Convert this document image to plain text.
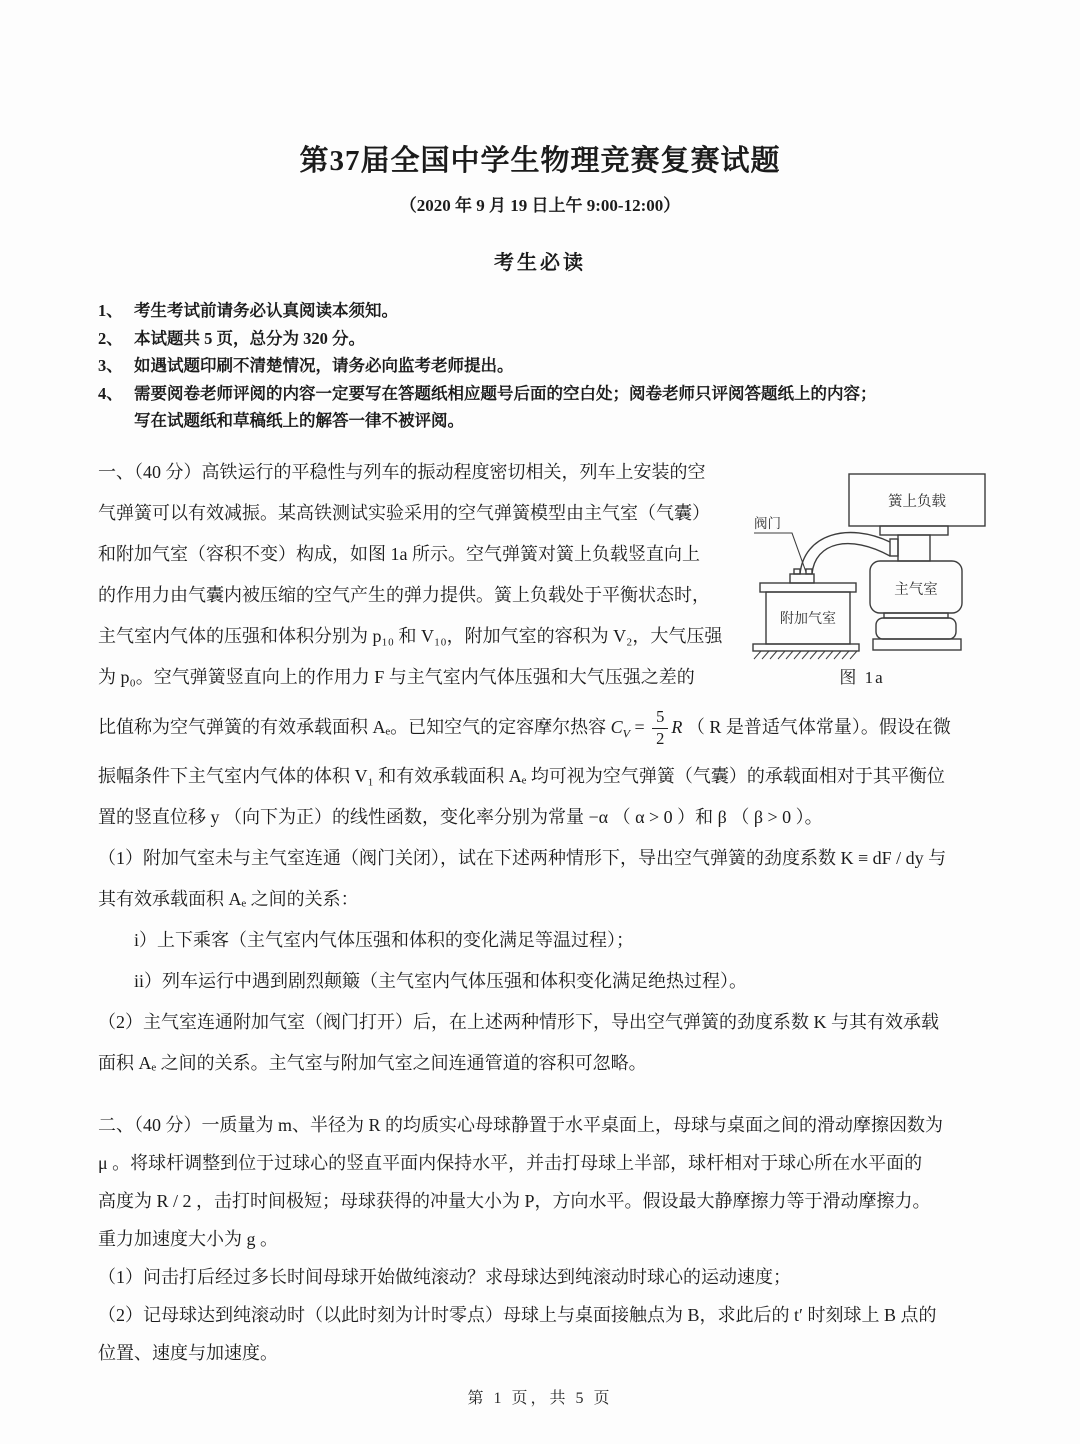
第37届全国中学生物理竞赛复赛试题
（2020 年 9 月 19 日上午 9:00-12:00）
考生必读
1、 考生考试前请务必认真阅读本须知。
2、 本试题共 5 页，总分为 320 分。
3、 如遇试题印刷不清楚情况，请务必向监考老师提出。
4、 需要阅卷老师评阅的内容一定要写在答题纸相应题号后面的空白处；阅卷老师只评阅答题纸上的内容；
写在试题纸和草稿纸上的解答一律不被评阅。
一、（40 分）高铁运行的平稳性与列车的振动程度密切相关，列车上安装的空
气弹簧可以有效减振。某高铁测试实验采用的空气弹簧模型由主气室（气囊）
和附加气室（容积不变）构成，如图 1a 所示。空气弹簧对簧上负载竖直向上
的作用力由气囊内被压缩的空气产生的弹力提供。簧上负载处于平衡状态时，
主气室内气体的压强和体积分别为 p₁₀ 和 V₁₀，附加气室的容积为 V₂，大气压强
为 p₀。空气弹簧竖直向上的作用力 F 与主气室内气体压强和大气压强之差的
比值称为空气弹簧的有效承载面积 Aₑ。已知空气的定容摩尔热容 $C_V = \frac{5}{2}$ R （ R 是普适气体常量）。假设在微
振幅条件下主气室内气体的体积 V₁ 和有效承载面积 Aₑ 均可视为空气弹簧（气囊）的承载面相对于其平衡位
置的竖直位移 y （向下为正）的线性函数，变化率分别为常量 −α （ α > 0 ）和 β （ β > 0 ）。
（1）附加气室未与主气室连通（阀门关闭），试在下述两种情形下，导出空气弹簧的劲度系数 K ≡ dF / dy 与
其有效承载面积 Aₑ 之间的关系：
i）上下乘客（主气室内气体压强和体积的变化满足等温过程）；
ii）列车运行中遇到剧烈颠簸（主气室内气体压强和体积变化满足绝热过程）。
（2）主气室连通附加气室（阀门打开）后，在上述两种情形下，导出空气弹簧的劲度系数 K 与其有效承载
面积 Aₑ 之间的关系。主气室与附加气室之间连通管道的容积可忽略。
簧上负载
阀门
主气室
附加气室
图 1a
二、（40 分）一质量为 m、半径为 R 的均质实心母球静置于水平桌面上，母球与桌面之间的滑动摩擦因数为
μ 。将球杆调整到位于过球心的竖直平面内保持水平，并击打母球上半部，球杆相对于球心所在水平面的
高度为 R / 2 ，击打时间极短；母球获得的冲量大小为 P，方向水平。假设最大静摩擦力等于滑动摩擦力。
重力加速度大小为 g 。
（1）问击打后经过多长时间母球开始做纯滚动？求母球达到纯滚动时球心的运动速度；
（2）记母球达到纯滚动时（以此时刻为计时零点）母球上与桌面接触点为 B，求此后的 t′ 时刻球上 B 点的
位置、速度与加速度。
第 1 页，共 5 页
